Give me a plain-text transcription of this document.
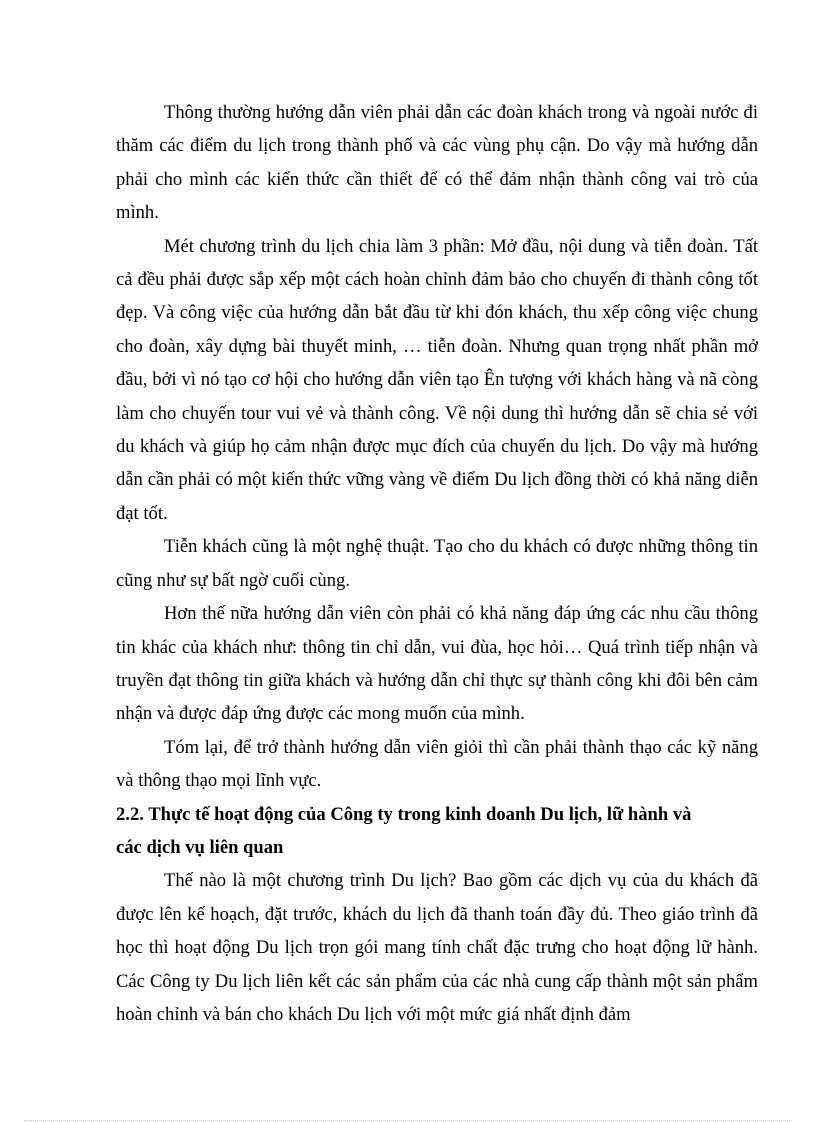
Thông thường hướng dẫn viên phải dẫn các đoàn khách trong và ngoài nước đi thăm các điểm du lịch trong thành phố và các vùng phụ cận. Do vậy mà hướng dẫn phải cho mình các kiến thức cần thiết để có thể đảm nhận thành công vai trò của mình.

Mét chương trình du lịch chia làm 3 phần: Mở đầu, nội dung và tiễn đoàn. Tất cả đều phải được sắp xếp một cách hoàn chỉnh đảm bảo cho chuyến đi thành công tốt đẹp. Và công việc của hướng dẫn bắt đầu từ khi đón khách, thu xếp công việc chung cho đoàn, xây dựng bài thuyết minh, … tiễn đoàn. Nhưng quan trọng nhất phần mở đầu, bởi vì nó tạo cơ hội cho hướng dẫn viên tạo Ên tượng với khách hàng và nã còng làm cho chuyến tour vui vẻ và thành công. Về nội dung thì hướng dẫn sẽ chia sẻ với du khách và giúp họ cảm nhận được mục đích của chuyến du lịch. Do vậy mà hướng dẫn cần phải có một kiến thức vững vàng về điểm Du lịch đồng thời có khả năng diễn đạt tốt.

Tiễn khách cũng là một nghệ thuật. Tạo cho du khách có được những thông tin cũng như sự bất ngờ cuối cùng.

Hơn thế nữa hướng dẫn viên còn phải có khả năng đáp ứng các nhu cầu thông tin khác của khách như: thông tin chỉ dẫn, vui đùa, học hỏi… Quá trình tiếp nhận và truyền đạt thông tin giữa khách và hướng dẫn chỉ thực sự thành công khi đôi bên cảm nhận và được đáp ứng được các mong muốn của mình.

Tóm lại, để trở thành hướng dẫn viên giỏi thì cần phải thành thạo các kỹ năng và thông thạo mọi lĩnh vực.

2.2. Thực tế hoạt động của Công ty trong kinh doanh Du lịch, lữ hành và

các dịch vụ liên quan

Thế nào là một chương trình Du lịch? Bao gồm các dịch vụ của du khách đã được lên kế hoạch, đặt trước, khách du lịch đã thanh toán đầy đủ. Theo giáo trình đã học thì hoạt động Du lịch trọn gói mang tính chất đặc trưng cho hoạt động lữ hành. Các Công ty Du lịch liên kết các sản phẩm của các nhà cung cấp thành một sản phẩm hoàn chỉnh và bán cho khách Du lịch với một mức giá nhất định đảm
